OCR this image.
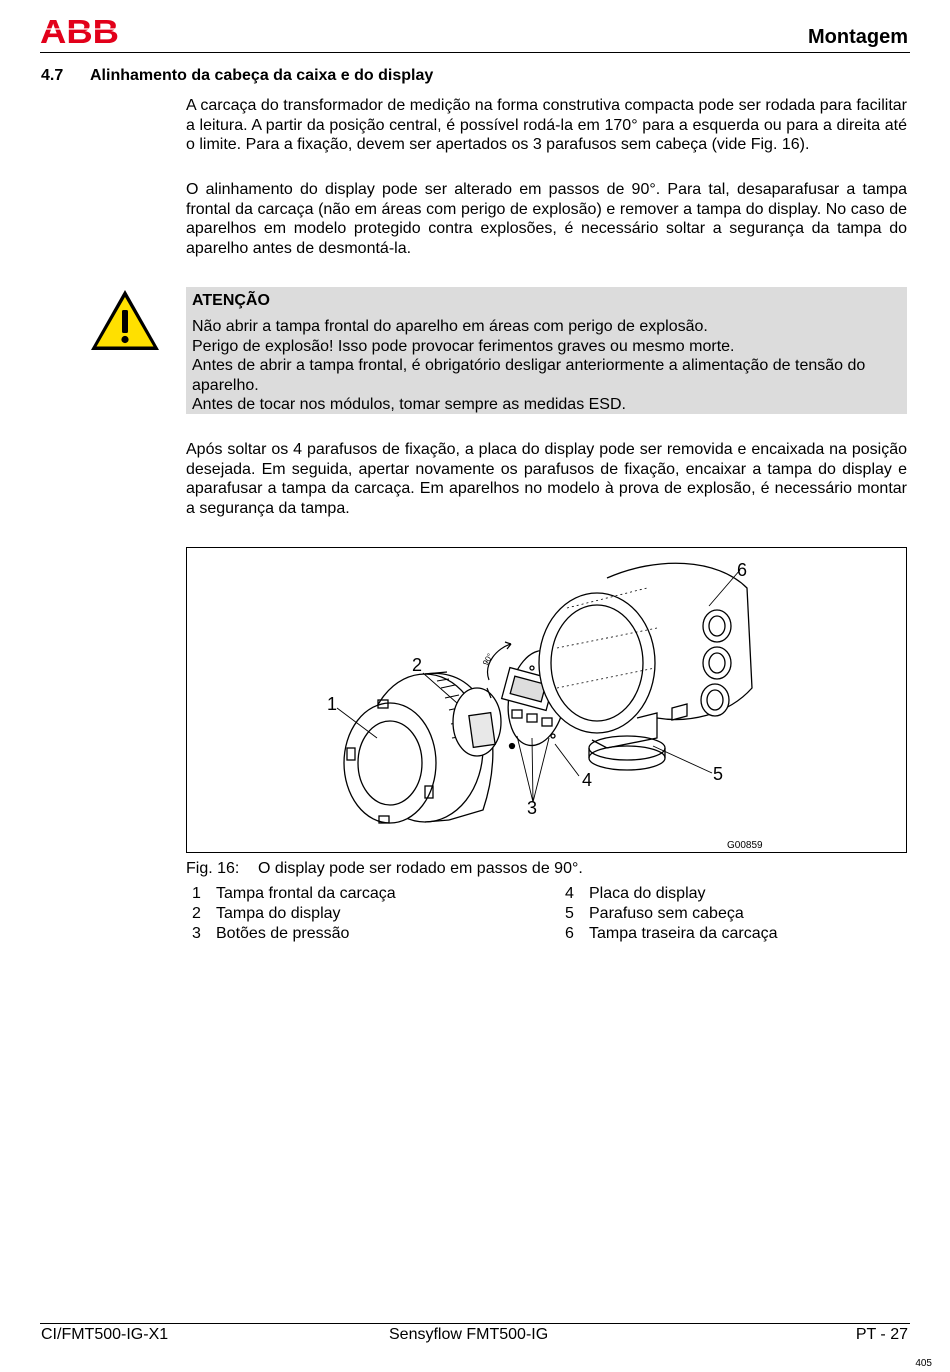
ABB	Montagem
4.7 Alinhamento da cabeça da caixa e do display

A carcaça do transformador de medição na forma construtiva compacta pode ser rodada para facilitar a leitura. A partir da posição central, é possível rodá-la em 170° para a esquerda ou para a direita até o limite. Para a fixação, devem ser apertados os 3 parafusos sem cabeça (vide Fig. 16).

O alinhamento do display pode ser alterado em passos de 90°. Para tal, desaparafusar a tampa frontal da carcaça (não em áreas com perigo de explosão) e remover a tampa do display. No caso de aparelhos em modelo protegido contra explosões, é necessário soltar a segurança da tampa do aparelho antes de desmontá-la.

ATENÇÃO
Não abrir a tampa frontal do aparelho em áreas com perigo de explosão.
Perigo de explosão! Isso pode provocar ferimentos graves ou mesmo morte.
Antes de abrir a tampa frontal, é obrigatório desligar anteriormente a alimentação de tensão do aparelho.
Antes de tocar nos módulos, tomar sempre as medidas ESD.

Após soltar os 4 parafusos de fixação, a placa do display pode ser removida e encaixada na posição desejada. Em seguida, apertar novamente os parafusos de fixação, encaixar a tampa do display e aparafusar a tampa da carcaça. Em aparelhos no modelo à prova de explosão, é necessário montar a segurança da tampa.

90°
1
2
3
4	5
6
G00859
Fig. 16: O display pode ser rodado em passos de 90°.
1 Tampa frontal da carcaça
2 Tampa do display
3 Botões de pressão
4 Placa do display
5 Parafuso sem cabeça
6 Tampa traseira da carcaça
CI/FMT500-IG-X1	Sensyflow FMT500-IG	PT - 27
405
